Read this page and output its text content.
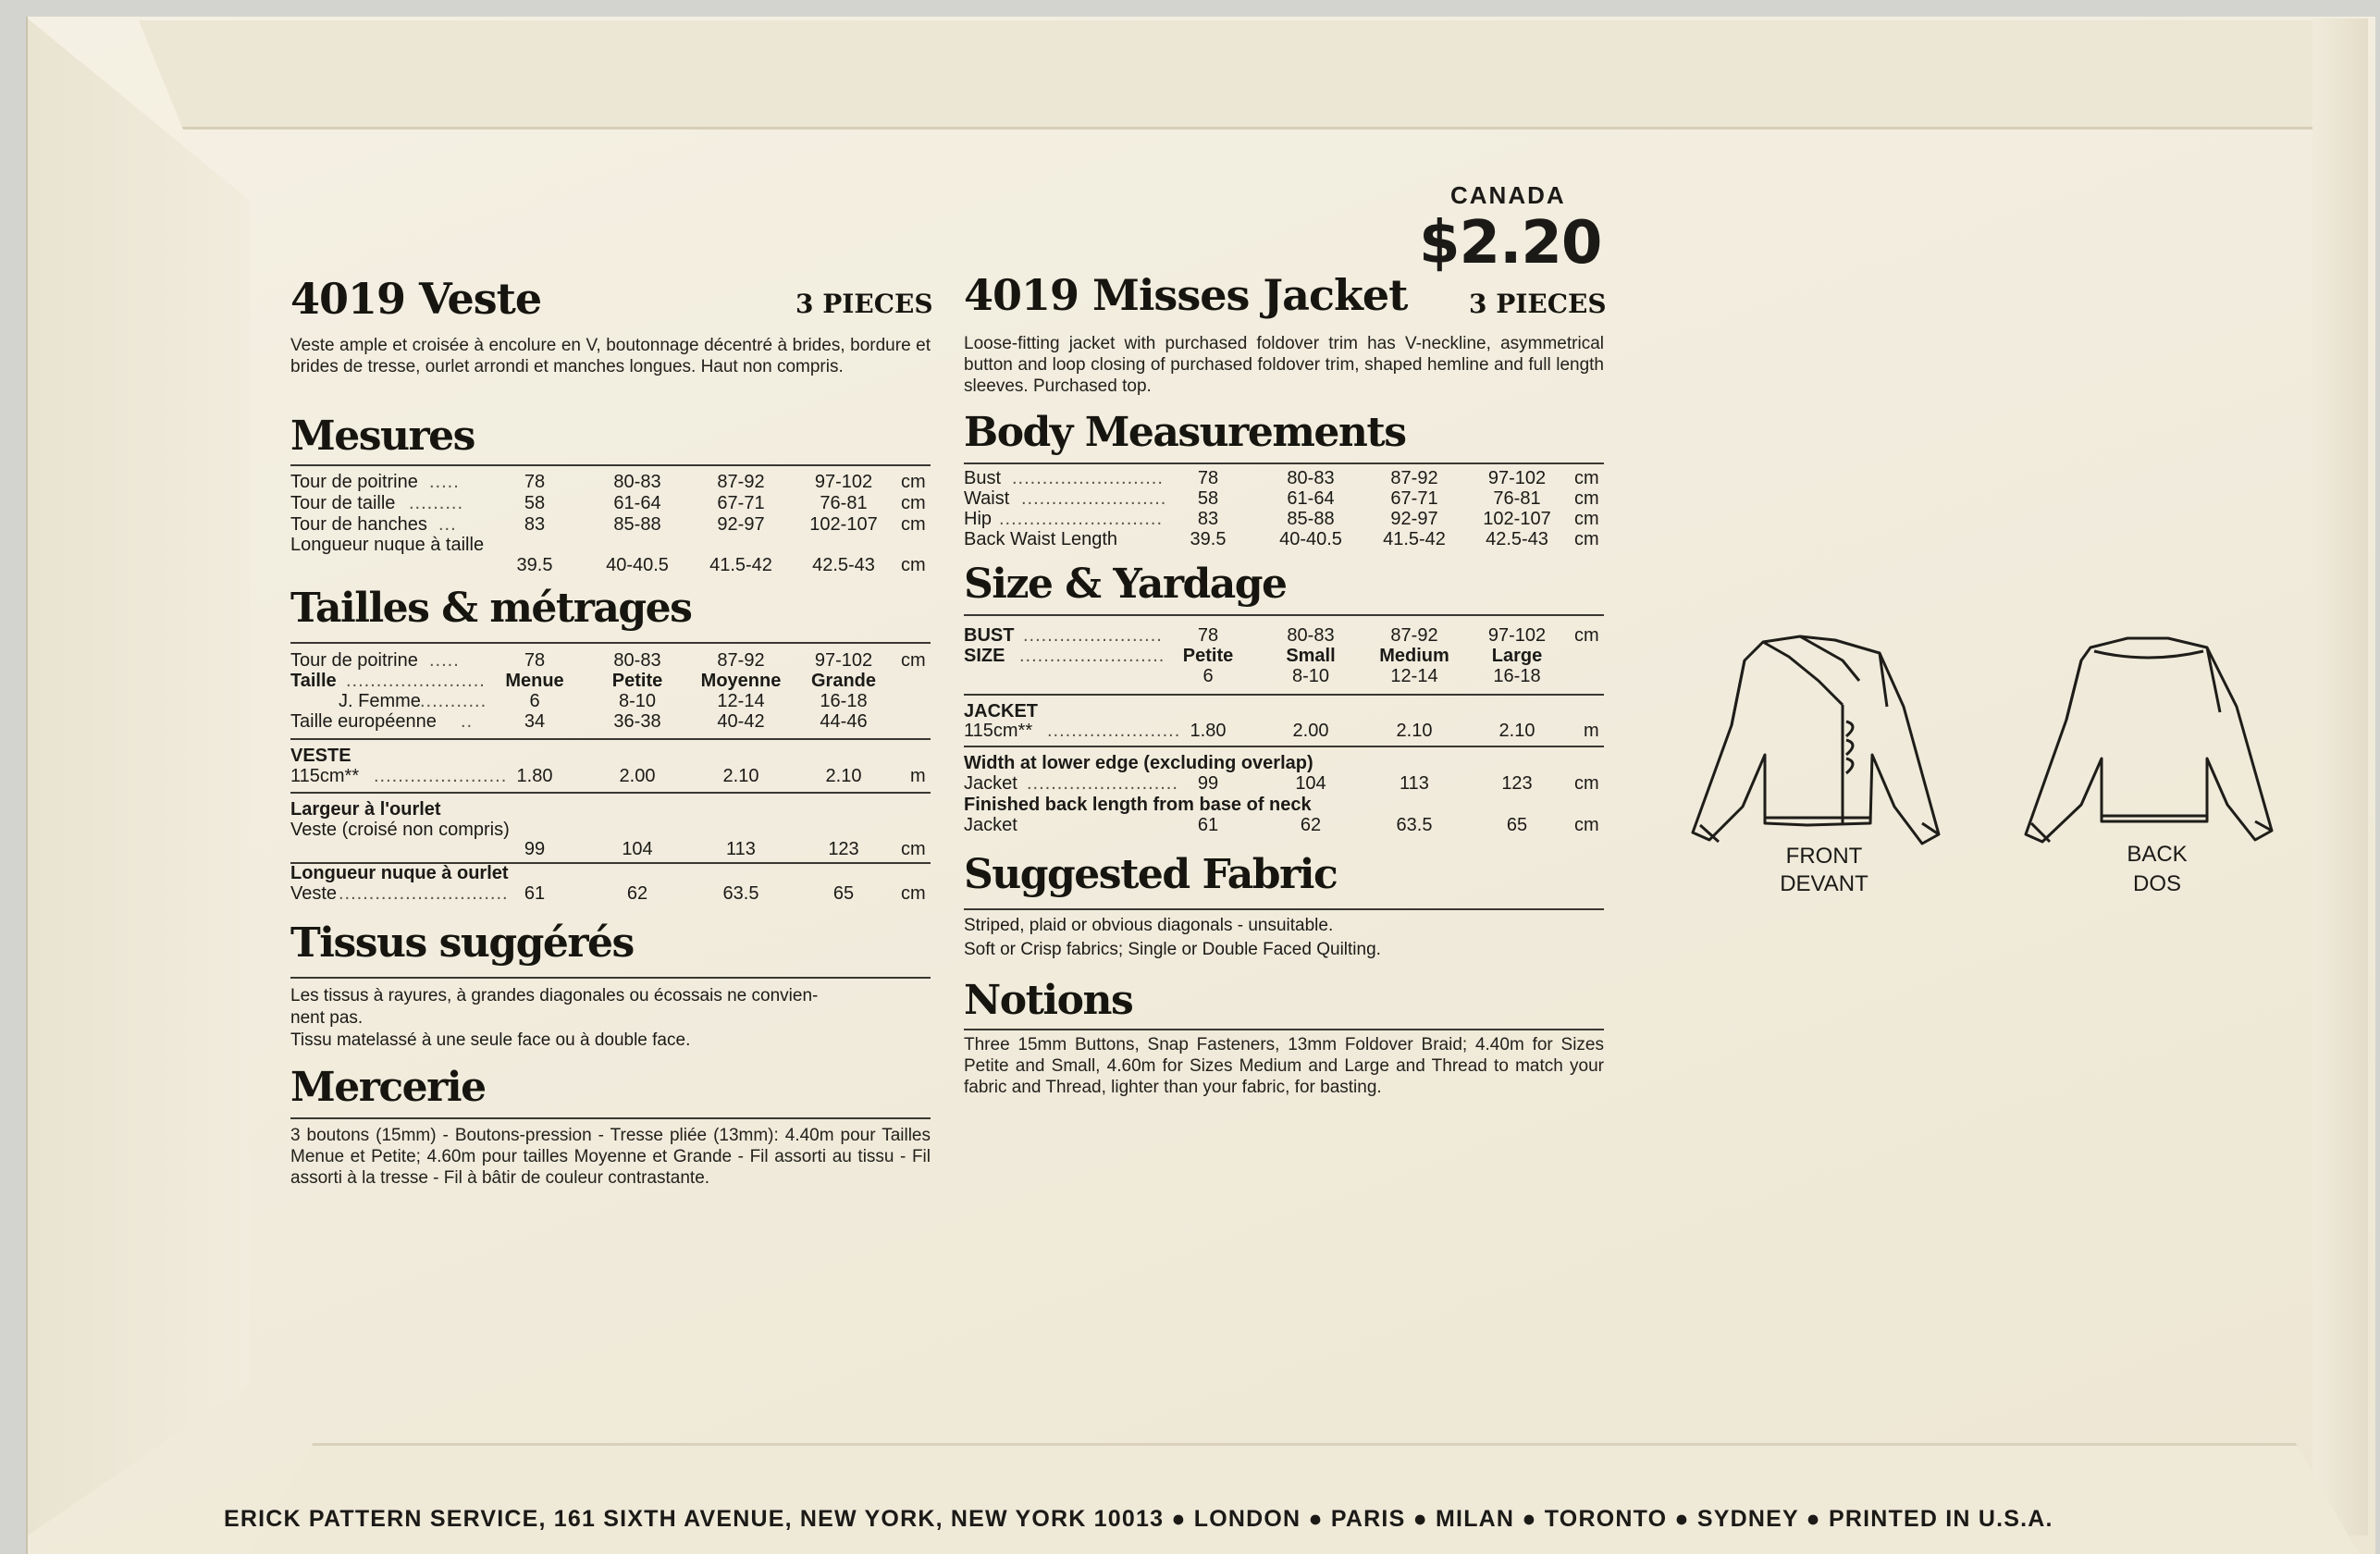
CANADA
$2.20
4019 Veste	3 PIECES
Veste ample et croisée à encolure en V, boutonnage décentré à brides, bordure et brides de tresse, ourlet arrondi et manches longues. Haut non compris.
Mesures
Tour de poitrine .....	78	80-83	87-92	97-102	cm
Tour de taille .........	58	61-64	67-71	76-81	cm
Tour de hanches ...	83	85-88	92-97	102-107	cm
Longueur nuque à taille
39.5	40-40.5	41.5-42	42.5-43	cm
Tailles & métrages
Tour de poitrine .....	78	80-83	87-92	97-102	cm
Taille .......................	Menue	Petite	Moyenne	Grande
J. Femme ...........	6	8-10	12-14	16-18
Taille européenne ..	34	36-38	40-42	44-46
VESTE
115cm** ...................... 1.80	2.00	2.10	2.10	m
Largeur à l'ourlet
Veste (croisé non compris)
99	104	113	123	cm
Longueur nuque à ourlet
Veste ............................ 61	62	63.5	65	cm
Tissus suggérés
Les tissus à rayures, à grandes diagonales ou écossais ne convien-
nent pas.
Tissu matelassé à une seule face ou à double face.
Mercerie
3 boutons (15mm) - Boutons-pression - Tresse pliée (13mm): 4.40m pour Tailles Menue et Petite; 4.60m pour tailles Moyenne et Grande - Fil assorti au tissu - Fil assorti à la tresse - Fil à bâtir de couleur contrastante.
4019 Misses Jacket 3 PIECES
Loose-fitting jacket with purchased foldover trim has V-neckline, asymmetrical button and loop closing of purchased foldover trim, shaped hemline and full length sleeves. Purchased top.
Body Measurements
Bust .........................	78	80-83	87-92	97-102	cm
Waist ........................	58	61-64	67-71	76-81	cm
Hip ...........................	83	85-88	92-97	102-107	cm
Back Waist Length	39.5	40-40.5	41.5-42	42.5-43	cm
Size & Yardage
BUST .......................	78	80-83	87-92	97-102	cm
SIZE ........................ Petite	Small	Medium	Large
6	8-10	12-14	16-18
JACKET
115cm** ...................... 1.80	2.00	2.10	2.10	m
Width at lower edge (excluding overlap)
Jacket .........................	99	104	113	123	cm
Finished back length from base of neck
Jacket	61	62	63.5	65	cm
Suggested Fabric
Striped, plaid or obvious diagonals - unsuitable.
Soft or Crisp fabrics; Single or Double Faced Quilting.
Notions
Three 15mm Buttons, Snap Fasteners, 13mm Foldover Braid; 4.40m for Sizes Petite and Small, 4.60m for Sizes Medium and Large and Thread to match your fabric and Thread, lighter than your fabric, for basting.
FRONT
DEVANT
BACK
DOS
ERICK PATTERN SERVICE, 161 SIXTH AVENUE, NEW YORK, NEW YORK 10013 ● LONDON ● PARIS ● MILAN ● TORONTO ● SYDNEY ● PRINTED IN U.S.A.
